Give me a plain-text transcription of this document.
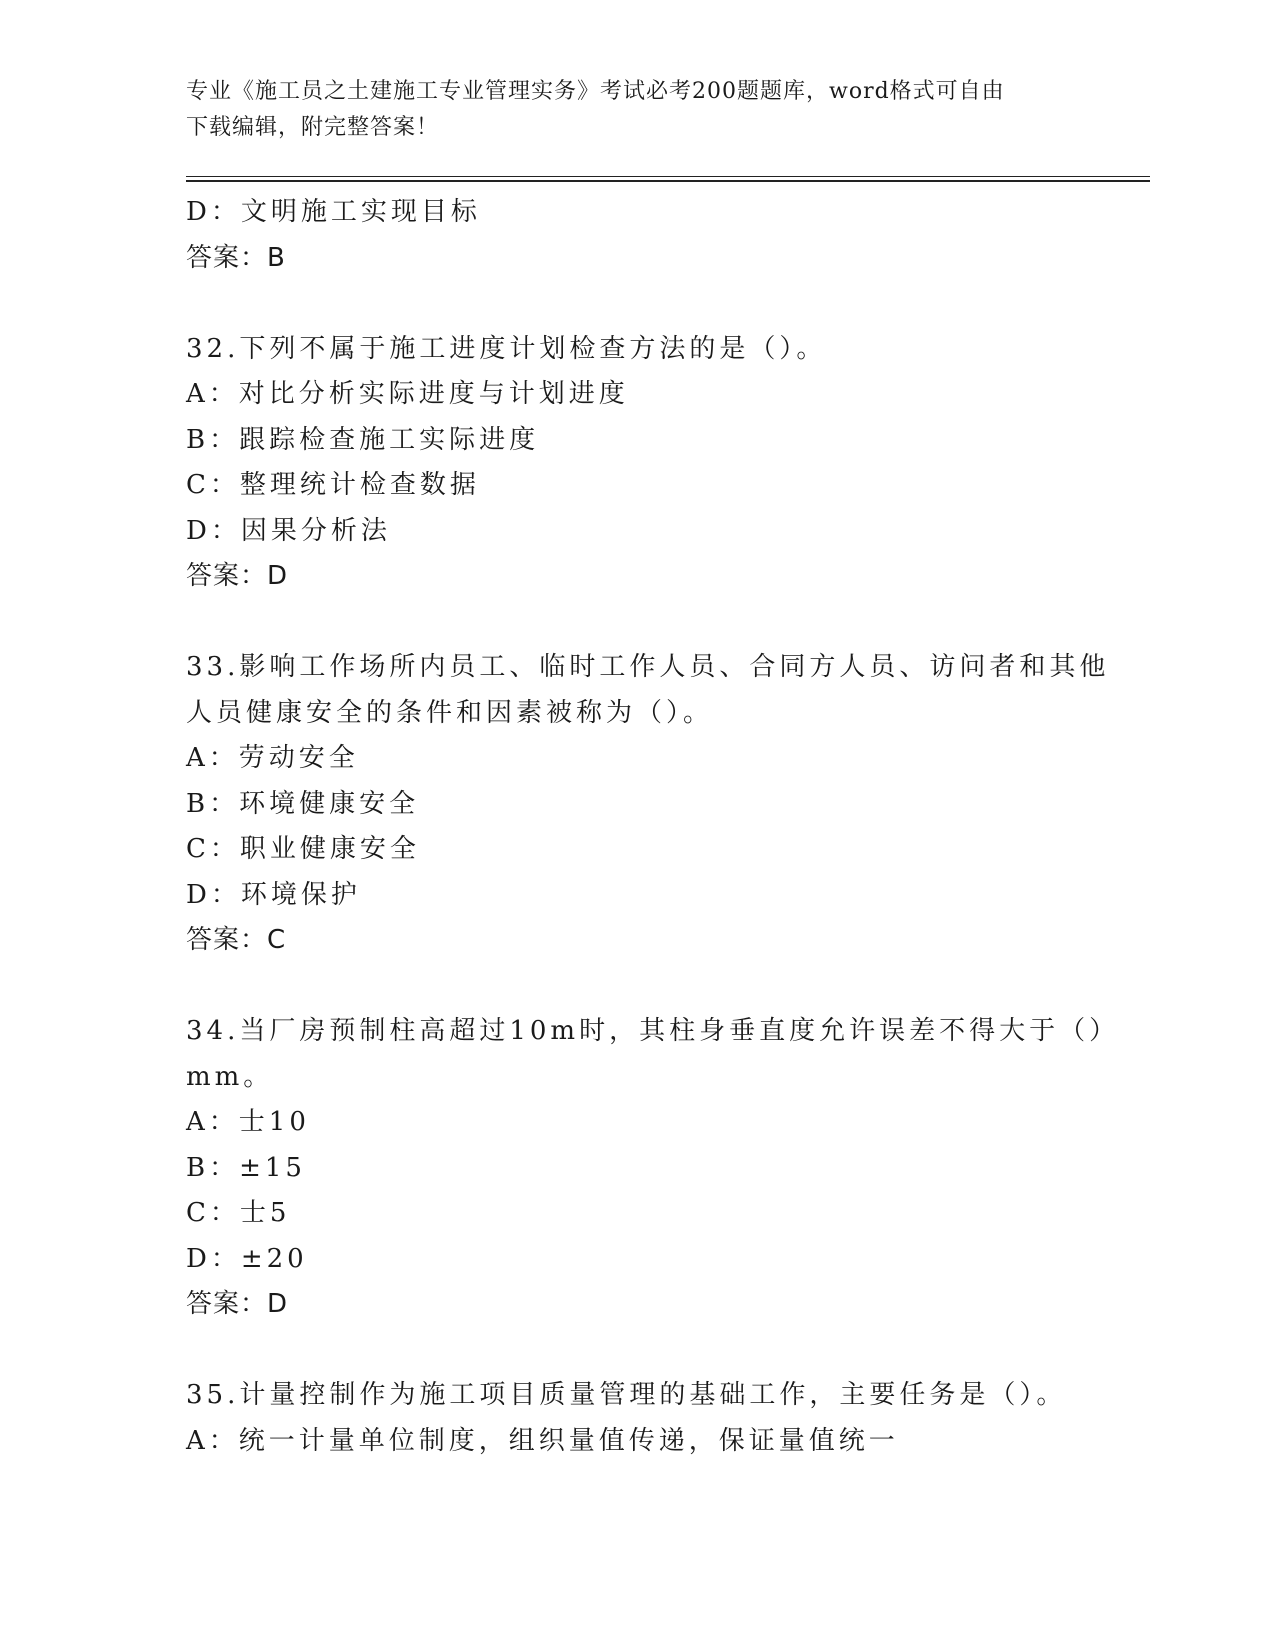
专业《施工员之土建施工专业管理实务》考试必考200题题库，word格式可自由
下载编辑，附完整答案！
D：文明施工实现目标
答案：B
32.下列不属于施工进度计划检查方法的是（）。
A：对比分析实际进度与计划进度
B：跟踪检查施工实际进度
C：整理统计检查数据
D：因果分析法
答案：D
33.影响工作场所内员工、临时工作人员、合同方人员、访问者和其他
人员健康安全的条件和因素被称为（）。
A：劳动安全
B：环境健康安全
C：职业健康安全
D：环境保护
答案：C
34.当厂房预制柱高超过10m时，其柱身垂直度允许误差不得大于（）
mm。
A：士10
B：±15
C：士5
D：±20
答案：D
35.计量控制作为施工项目质量管理的基础工作，主要任务是（）。
A：统一计量单位制度，组织量值传递，保证量值统一
